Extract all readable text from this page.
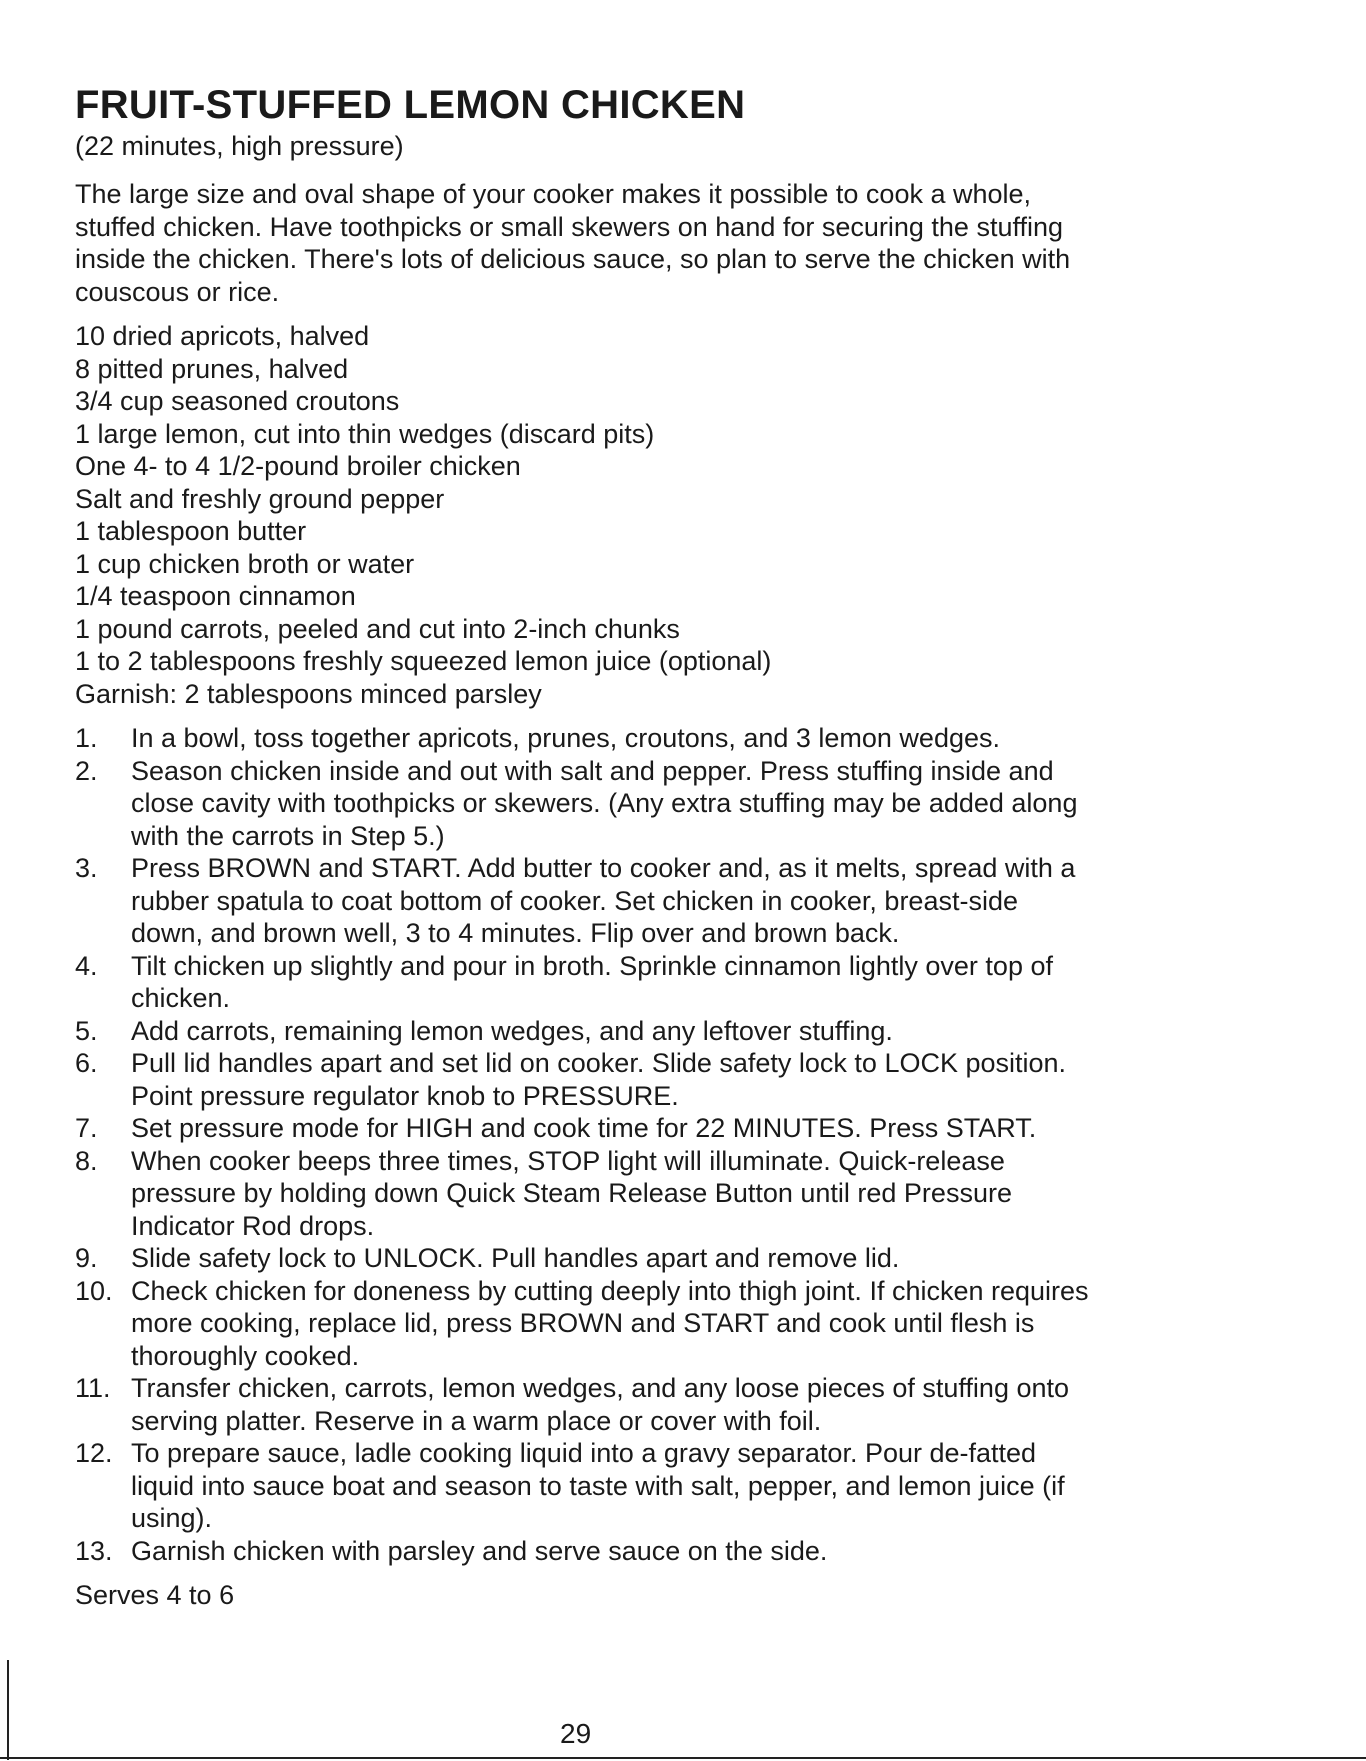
FRUIT-STUFFED LEMON CHICKEN

(22 minutes, high pressure)

The large size and oval shape of your cooker makes it possible to cook a whole, stuffed chicken. Have toothpicks or small skewers on hand for securing the stuffing inside the chicken. There's lots of delicious sauce, so plan to serve the chicken with couscous or rice.

10 dried apricots, halved
8 pitted prunes, halved
3/4 cup seasoned croutons
1 large lemon, cut into thin wedges (discard pits)
One 4- to 4 1/2-pound broiler chicken
Salt and freshly ground pepper
1 tablespoon butter
1 cup chicken broth or water
1/4 teaspoon cinnamon
1 pound carrots, peeled and cut into 2-inch chunks
1 to 2 tablespoons freshly squeezed lemon juice (optional)
Garnish: 2 tablespoons minced parsley
1.	In a bowl, toss together apricots, prunes, croutons, and 3 lemon wedges.
2.	Season chicken inside and out with salt and pepper. Press stuffing inside and close cavity with toothpicks or skewers. (Any extra stuffing may be added along with the carrots in Step 5.)
3.	Press BROWN and START. Add butter to cooker and, as it melts, spread with a rubber spatula to coat bottom of cooker. Set chicken in cooker, breast-side down, and brown well, 3 to 4 minutes. Flip over and brown back.
4.	Tilt chicken up slightly and pour in broth. Sprinkle cinnamon lightly over top of chicken.
5.	Add carrots, remaining lemon wedges, and any leftover stuffing.
6.	Pull lid handles apart and set lid on cooker. Slide safety lock to LOCK position. Point pressure regulator knob to PRESSURE.
7.	Set pressure mode for HIGH and cook time for 22 MINUTES. Press START.
8.	When cooker beeps three times, STOP light will illuminate. Quick-release pressure by holding down Quick Steam Release Button until red Pressure Indicator Rod drops.
9.	Slide safety lock to UNLOCK. Pull handles apart and remove lid.
10. Check chicken for doneness by cutting deeply into thigh joint. If chicken requires more cooking, replace lid, press BROWN and START and cook until flesh is thoroughly cooked.
11. Transfer chicken, carrots, lemon wedges, and any loose pieces of stuffing onto serving platter. Reserve in a warm place or cover with foil.
12. To prepare sauce, ladle cooking liquid into a gravy separator. Pour de-fatted liquid into sauce boat and season to taste with salt, pepper, and lemon juice (if using).
13. Garnish chicken with parsley and serve sauce on the side.

Serves 4 to 6

29
